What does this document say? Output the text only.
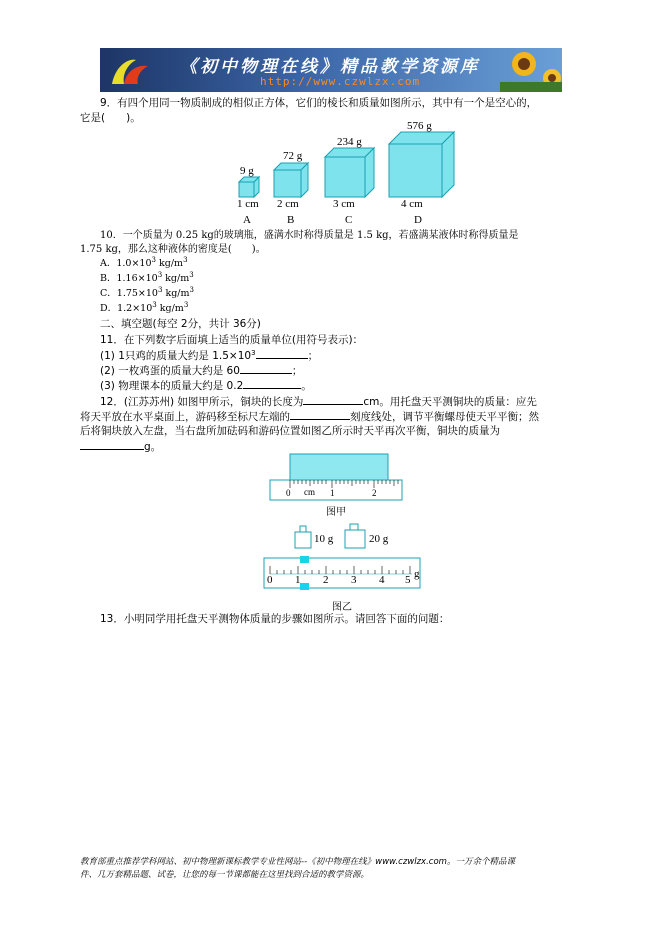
《初中物理在线》精品教学资源库
http://www.czwlzx.com
9．有四个用同一物质制成的相似正方体，它们的棱长和质量如图所示，其中有一个是空心的，
它是(　　)。
9 g
72 g
234 g
576 g
1 cm 2 cm	3 cm	4 cm
A	B	C	D
10．一个质量为 0.25 kg的玻璃瓶，盛满水时称得质量是 1.5 kg，若盛满某液体时称得质量是
1.75 kg，那么这种液体的密度是(　　)。
A．$1.0\times 10^3$ $kg/m^3$
B．$1.16\times 10^3$ $kg/m^3$
C．$1.75\times 10^3$ $kg/m^3$
D．$1.2\times 10^3$ $kg/m^3$
二、填空题(每空 2分，共计 36分)
11．在下列数字后面填上适当的质量单位(用符号表示)：
(1) 1只鸡的质量大约是 $1.5\times 10^3$	；
(2) 一枚鸡蛋的质量大约是 60	；
(3) 物理课本的质量大约是 0.2	。
12．(江苏苏州) 如图甲所示，铜块的长度为	cm。用托盘天平测铜块的质量：应先
将天平放在水平桌面上，游码移至标尺左端的	刻度线处，调节平衡螺母使天平平衡；然
后将铜块放入左盘，当右盘所加砝码和游码位置如图乙所示时天平再次平衡，铜块的质量为
g。
0 cm 1	2
图甲
10 g	20 g
0 1 2 3 4 5 g
图乙
13．小明同学用托盘天平测物体质量的步骤如图所示。请回答下面的问题：
教育部重点推荐学科网站、初中物理新课标教学专业性网站--《初中物理在线》www.czwlzx.com。一万余个精品课
件、几万套精品题、试卷，让您的每一节课都能在这里找到合适的教学资源。
